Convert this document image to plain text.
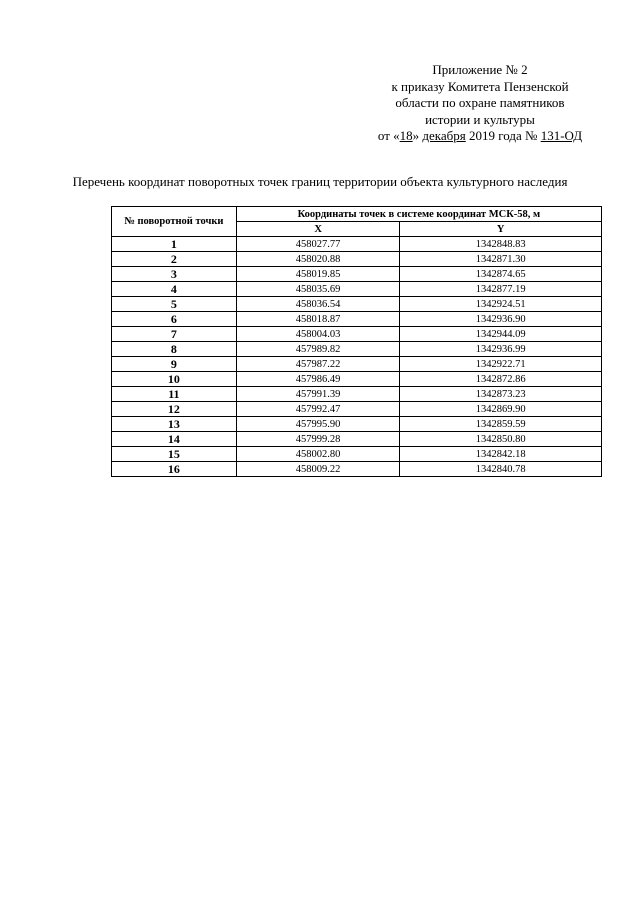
Приложение № 2
к приказу Комитета Пензенской
области по охране памятников
истории и культуры
от «18» декабря 2019 года № 131-ОД
Перечень координат поворотных точек границ территории объекта культурного наследия
№ поворотной точки	Координаты точек в системе координат МСК-58, м	
	X	Y
1	458027.77	1342848.83
2	458020.88	1342871.30
3	458019.85	1342874.65
4	458035.69	1342877.19
5	458036.54	1342924.51
6	458018.87	1342936.90
7	458004.03	1342944.09
8	457989.82	1342936.99
9	457987.22	1342922.71
10	457986.49	1342872.86
11	457991.39	1342873.23
12	457992.47	1342869.90
13	457995.90	1342859.59
14	457999.28	1342850.80
15	458002.80	1342842.18
16	458009.22	1342840.78
